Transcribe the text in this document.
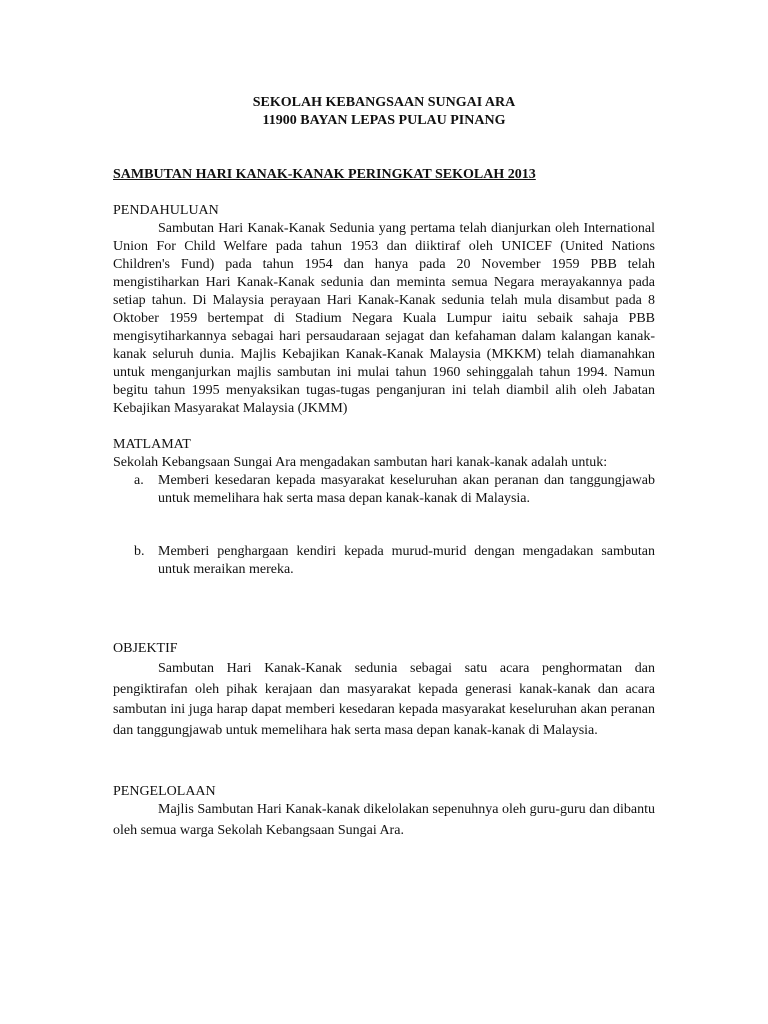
SEKOLAH KEBANGSAAN SUNGAI ARA
11900 BAYAN LEPAS PULAU PINANG

SAMBUTAN HARI KANAK-KANAK PERINGKAT SEKOLAH 2013

PENDAHULUAN

Sambutan Hari Kanak-Kanak Sedunia yang pertama telah dianjurkan oleh International Union For Child Welfare pada tahun 1953 dan diiktiraf oleh UNICEF (United Nations Children's Fund) pada tahun 1954 dan hanya pada 20 November 1959 PBB telah mengistiharkan Hari Kanak-Kanak sedunia dan meminta semua Negara merayakannya pada setiap tahun. Di Malaysia perayaan Hari Kanak-Kanak sedunia telah mula disambut pada 8 Oktober 1959 bertempat di Stadium Negara Kuala Lumpur iaitu sebaik sahaja PBB mengisytiharkannya sebagai hari persaudaraan sejagat dan kefahaman dalam kalangan kanak-kanak seluruh dunia. Majlis Kebajikan Kanak-Kanak Malaysia (MKKM) telah diamanahkan untuk menganjurkan majlis sambutan ini mulai tahun 1960 sehinggalah tahun 1994. Namun begitu tahun 1995 menyaksikan tugas-tugas penganjuran ini telah diambil alih oleh Jabatan Kebajikan Masyarakat Malaysia (JKMM)

MATLAMAT

Sekolah Kebangsaan Sungai Ara mengadakan sambutan hari kanak-kanak adalah untuk:

a. Memberi kesedaran kepada masyarakat keseluruhan akan peranan dan tanggungjawab untuk memelihara hak serta masa depan kanak-kanak di Malaysia.
b. Memberi penghargaan kendiri kepada murud-murid dengan mengadakan sambutan untuk meraikan mereka.

OBJEKTIF

Sambutan Hari Kanak-Kanak sedunia sebagai satu acara penghormatan dan pengiktirafan oleh pihak kerajaan dan masyarakat kepada generasi kanak-kanak dan acara sambutan ini juga harap dapat memberi kesedaran kepada masyarakat keseluruhan akan peranan dan tanggungjawab untuk memelihara hak serta masa depan kanak-kanak di Malaysia.

PENGELOLAAN

Majlis Sambutan Hari Kanak-kanak dikelolakan sepenuhnya oleh guru-guru dan dibantu oleh semua warga Sekolah Kebangsaan Sungai Ara.
